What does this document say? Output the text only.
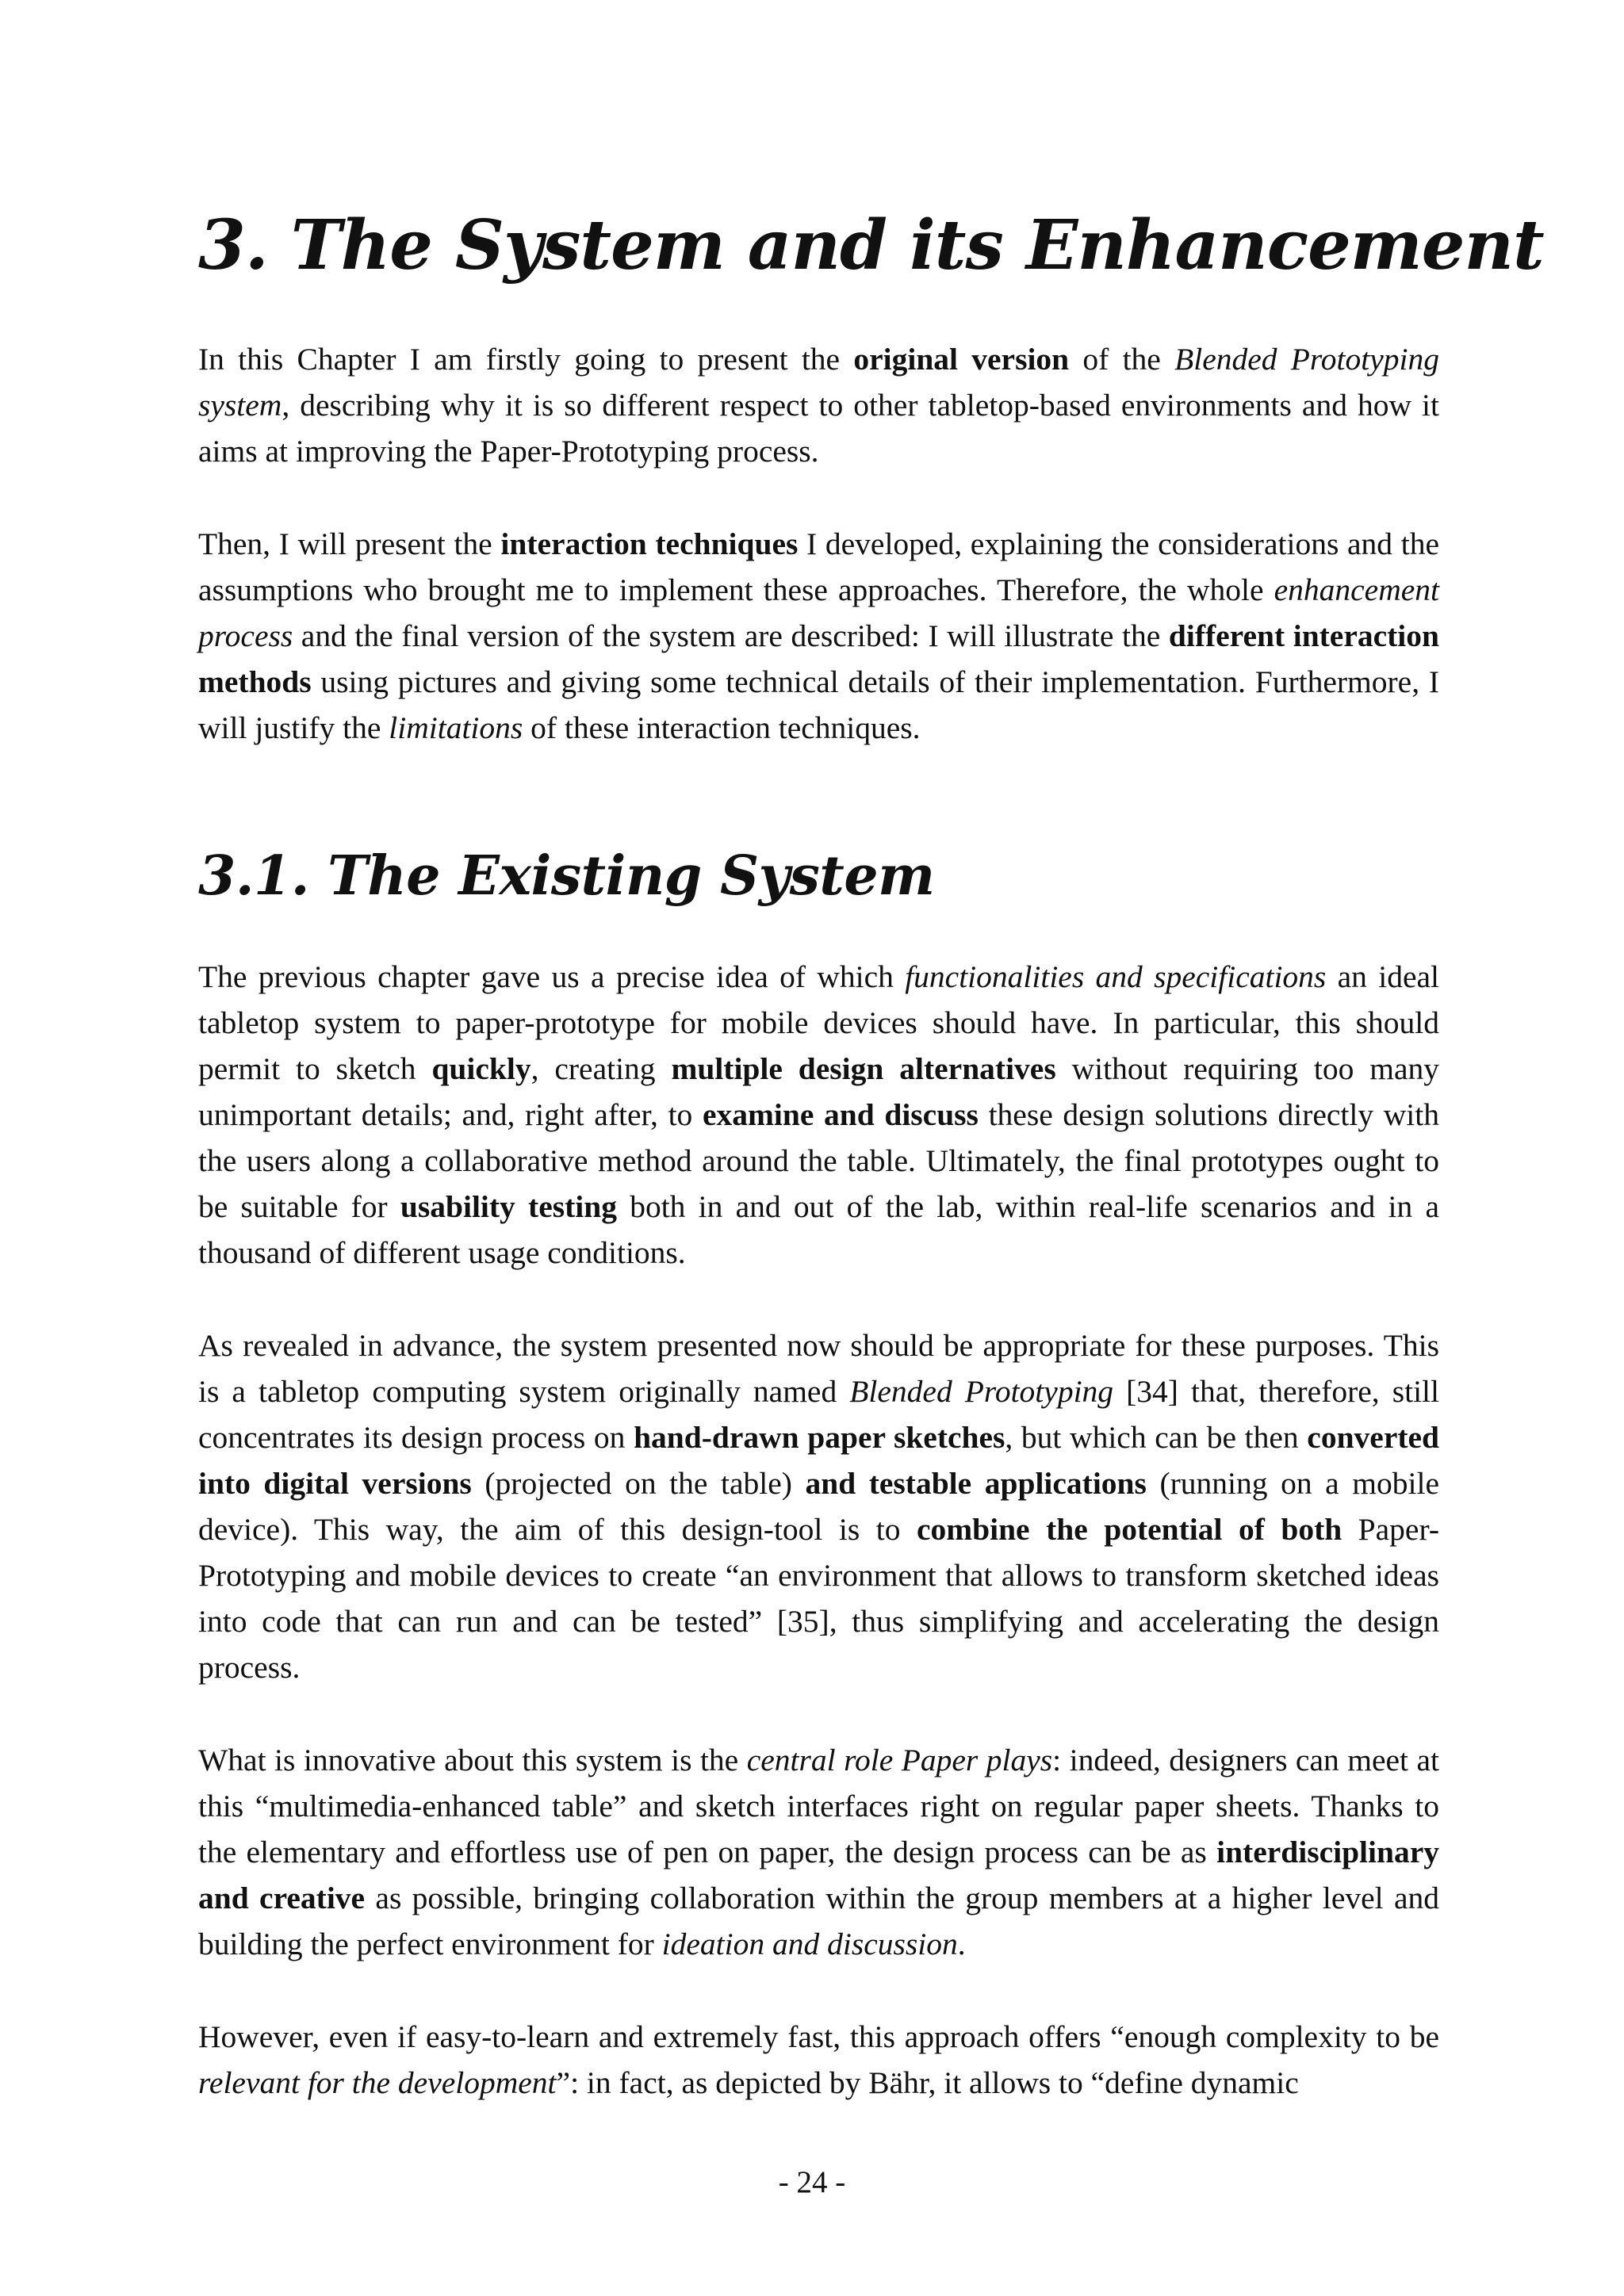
3. The System and its Enhancement

In this Chapter I am firstly going to present the original version of the Blended Prototyping system, describing why it is so different respect to other tabletop-based environments and how it aims at improving the Paper-Prototyping process.

Then, I will present the interaction techniques I developed, explaining the considerations and the assumptions who brought me to implement these approaches. Therefore, the whole enhancement process and the final version of the system are described: I will illustrate the different interaction methods using pictures and giving some technical details of their implementation. Furthermore, I will justify the limitations of these interaction techniques.

3.1. The Existing System

The previous chapter gave us a precise idea of which functionalities and specifications an ideal tabletop system to paper-prototype for mobile devices should have. In particular, this should permit to sketch quickly, creating multiple design alternatives without requiring too many unimportant details; and, right after, to examine and discuss these design solutions directly with the users along a collaborative method around the table. Ultimately, the final prototypes ought to be suitable for usability testing both in and out of the lab, within real-life scenarios and in a thousand of different usage conditions.

As revealed in advance, the system presented now should be appropriate for these purposes. This is a tabletop computing system originally named Blended Prototyping [34] that, therefore, still concentrates its design process on hand-drawn paper sketches, but which can be then converted into digital versions (projected on the table) and testable applications (running on a mobile device). This way, the aim of this design-tool is to combine the potential of both Paper-Prototyping and mobile devices to create “an environment that allows to transform sketched ideas into code that can run and can be tested” [35], thus simplifying and accelerating the design process.

What is innovative about this system is the central role Paper plays: indeed, designers can meet at this “multimedia-enhanced table” and sketch interfaces right on regular paper sheets. Thanks to the elementary and effortless use of pen on paper, the design process can be as interdisciplinary and creative as possible, bringing collaboration within the group members at a higher level and building the perfect environment for ideation and discussion.

However, even if easy-to-learn and extremely fast, this approach offers “enough complexity to be relevant for the development”: in fact, as depicted by Bähr, it allows to “define dynamic

- 24 -
